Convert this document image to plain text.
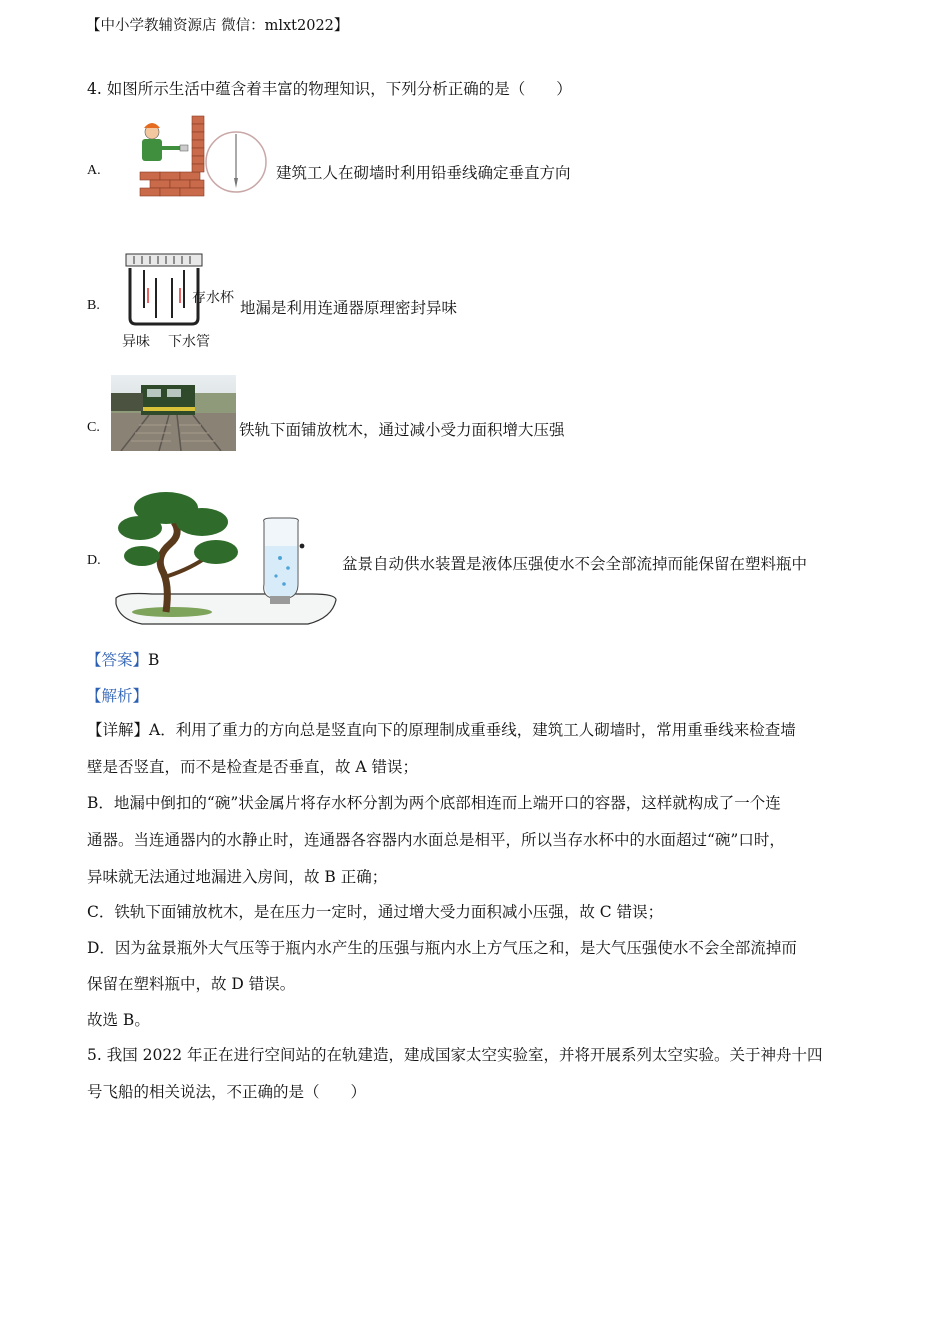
【中小学教辅资源店 微信：mlxt2022】
4. 如图所示生活中蕴含着丰富的物理知识，下列分析正确的是（　　）
A.	建筑工人在砌墙时利用铅垂线确定垂直方向
B.	存水杯
异味 下水管
地漏是利用连通器原理密封异味
C.	铁轨下面铺放枕木，通过减小受力面积增大压强
D.	盆景自动供水装置是液体压强使水不会全部流掉而能保留在塑料瓶中
【答案】B
【解析】
【详解】A．利用了重力的方向总是竖直向下的原理制成重垂线，建筑工人砌墙时，常用重垂线来检查墙
壁是否竖直，而不是检查是否垂直，故 A 错误；
B．地漏中倒扣的“碗”状金属片将存水杯分割为两个底部相连而上端开口的容器，这样就构成了一个连
通器。当连通器内的水静止时，连通器各容器内水面总是相平，所以当存水杯中的水面超过“碗”口时，
异味就无法通过地漏进入房间，故 B 正确；
C．铁轨下面铺放枕木，是在压力一定时，通过增大受力面积减小压强，故 C 错误；
D．因为盆景瓶外大气压等于瓶内水产生的压强与瓶内水上方气压之和，是大气压强使水不会全部流掉而
保留在塑料瓶中，故 D 错误。
故选 B。
5. 我国 2022 年正在进行空间站的在轨建造，建成国家太空实验室，并将开展系列太空实验。关于神舟十四
号飞船的相关说法，不正确的是（　　）
